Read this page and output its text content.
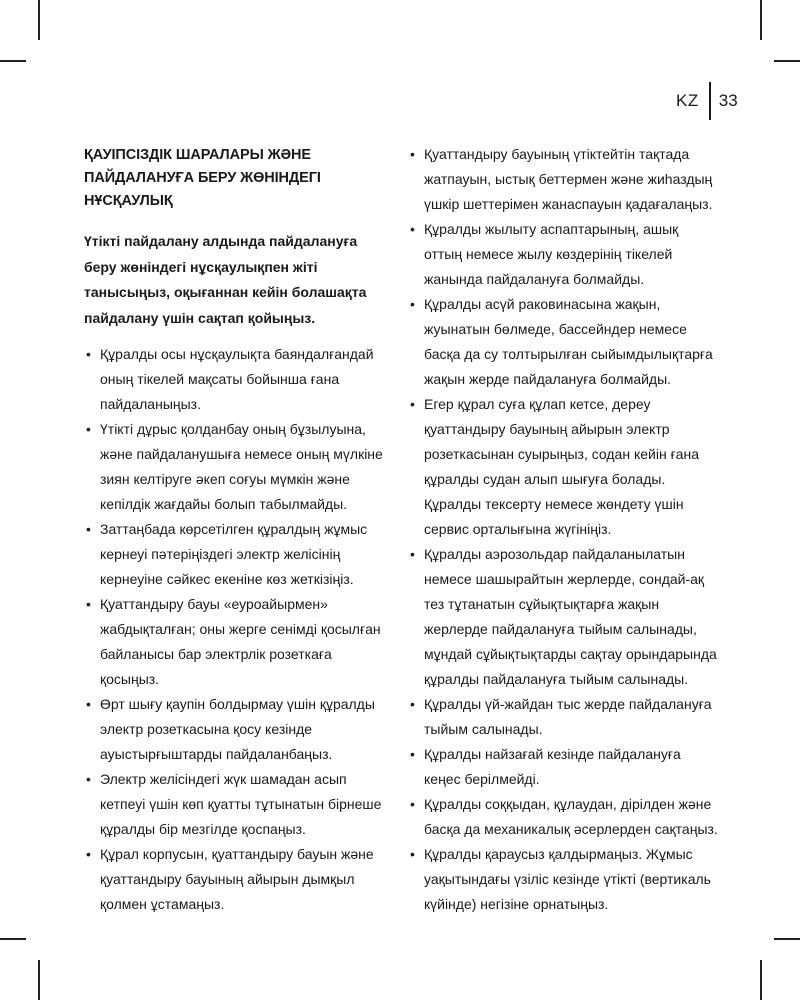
KZ 33
ҚАУІПСІЗДІК ШАРАЛАРЫ ЖӘНЕ ПАЙДАЛАНУҒА БЕРУ ЖӨНІНДЕГІ НҰСҚАУЛЫҚ

Үтікті пайдалану алдында пайдалануға беру жөніндегі нұсқаулықпен жіті танысыңыз, оқығаннан кейін болашақта пайдалану үшін сақтап қойыңыз.

• Құралды осы нұсқаулықта баяндалғандай оның тікелей мақсаты бойынша ғана пайдаланыңыз.
• Үтікті дұрыс қолданбау оның бұзылуына, және пайдаланушыға немесе оның мүлкіне зиян келтіруге әкеп соғуы мүмкін және кепілдік жағдайы болып табылмайды.
• Заттаңбада көрсетілген құралдың жұмыс кернеуі пәтеріңіздегі электр желісінің кернеуіне сәйкес екеніне көз жеткізіңіз.
• Қуаттандыру бауы «еуроайырмен» жабдықталған; оны жерге сенімді қосылған байланысы бар электрлік розеткаға қосыңыз.
• Өрт шығу қаупін болдырмау үшін құралды электр розеткасына қосу кезінде ауыстырғыштарды пайдаланбаңыз.
• Электр желісіндегі жүк шамадан асып кетпеуі үшін көп қуатты тұтынатын бірнеше құралды бір мезгілде қоспаңыз.
• Құрал корпусын, қуаттандыру бауын және қуаттандыру бауының айырын дымқыл қолмен ұстамаңыз.
• Қуаттандыру бауының үтіктейтін тақтада жатпауын, ыстық беттермен және жиһаздың үшкір шеттерімен жанаспауын қадағалаңыз.
• Құралды жылыту аспаптарының, ашық оттың немесе жылу көздерінің тікелей жанында пайдалануға болмайды.
• Құралды асүй раковинасына жақын, жуынатын бөлмеде, бассейндер немесе басқа да су толтырылған сыйымдылықтарға жақын жерде пайдалануға болмайды.
• Егер құрал суға құлап кетсе, дереу қуаттандыру бауының айырын электр розеткасынан суырыңыз, содан кейін ғана құралды судан алып шығуға болады. Құралды тексерту немесе жөндету үшін сервис орталығына жүгініңіз.
• Құралды аэрозольдар пайдаланылатын немесе шашырайтын жерлерде, сондай-ақ тез тұтанатын сұйықтықтарға жақын жерлерде пайдалануға тыйым салынады, мұндай сұйықтықтарды сақтау орындарында құралды пайдалануға тыйым салынады.
• Құралды үй-жайдан тыс жерде пайдалануға тыйым салынады.
• Құралды найзағай кезінде пайдалануға кеңес берілмейді.
• Құралды соққыдан, құлаудан, дірілден және басқа да механикалық әсерлерден сақтаңыз.
• Құралды қараусыз қалдырмаңыз. Жұмыс уақытындағы үзіліс кезінде үтікті (вертикаль күйінде) негізіне орнатыңыз.
